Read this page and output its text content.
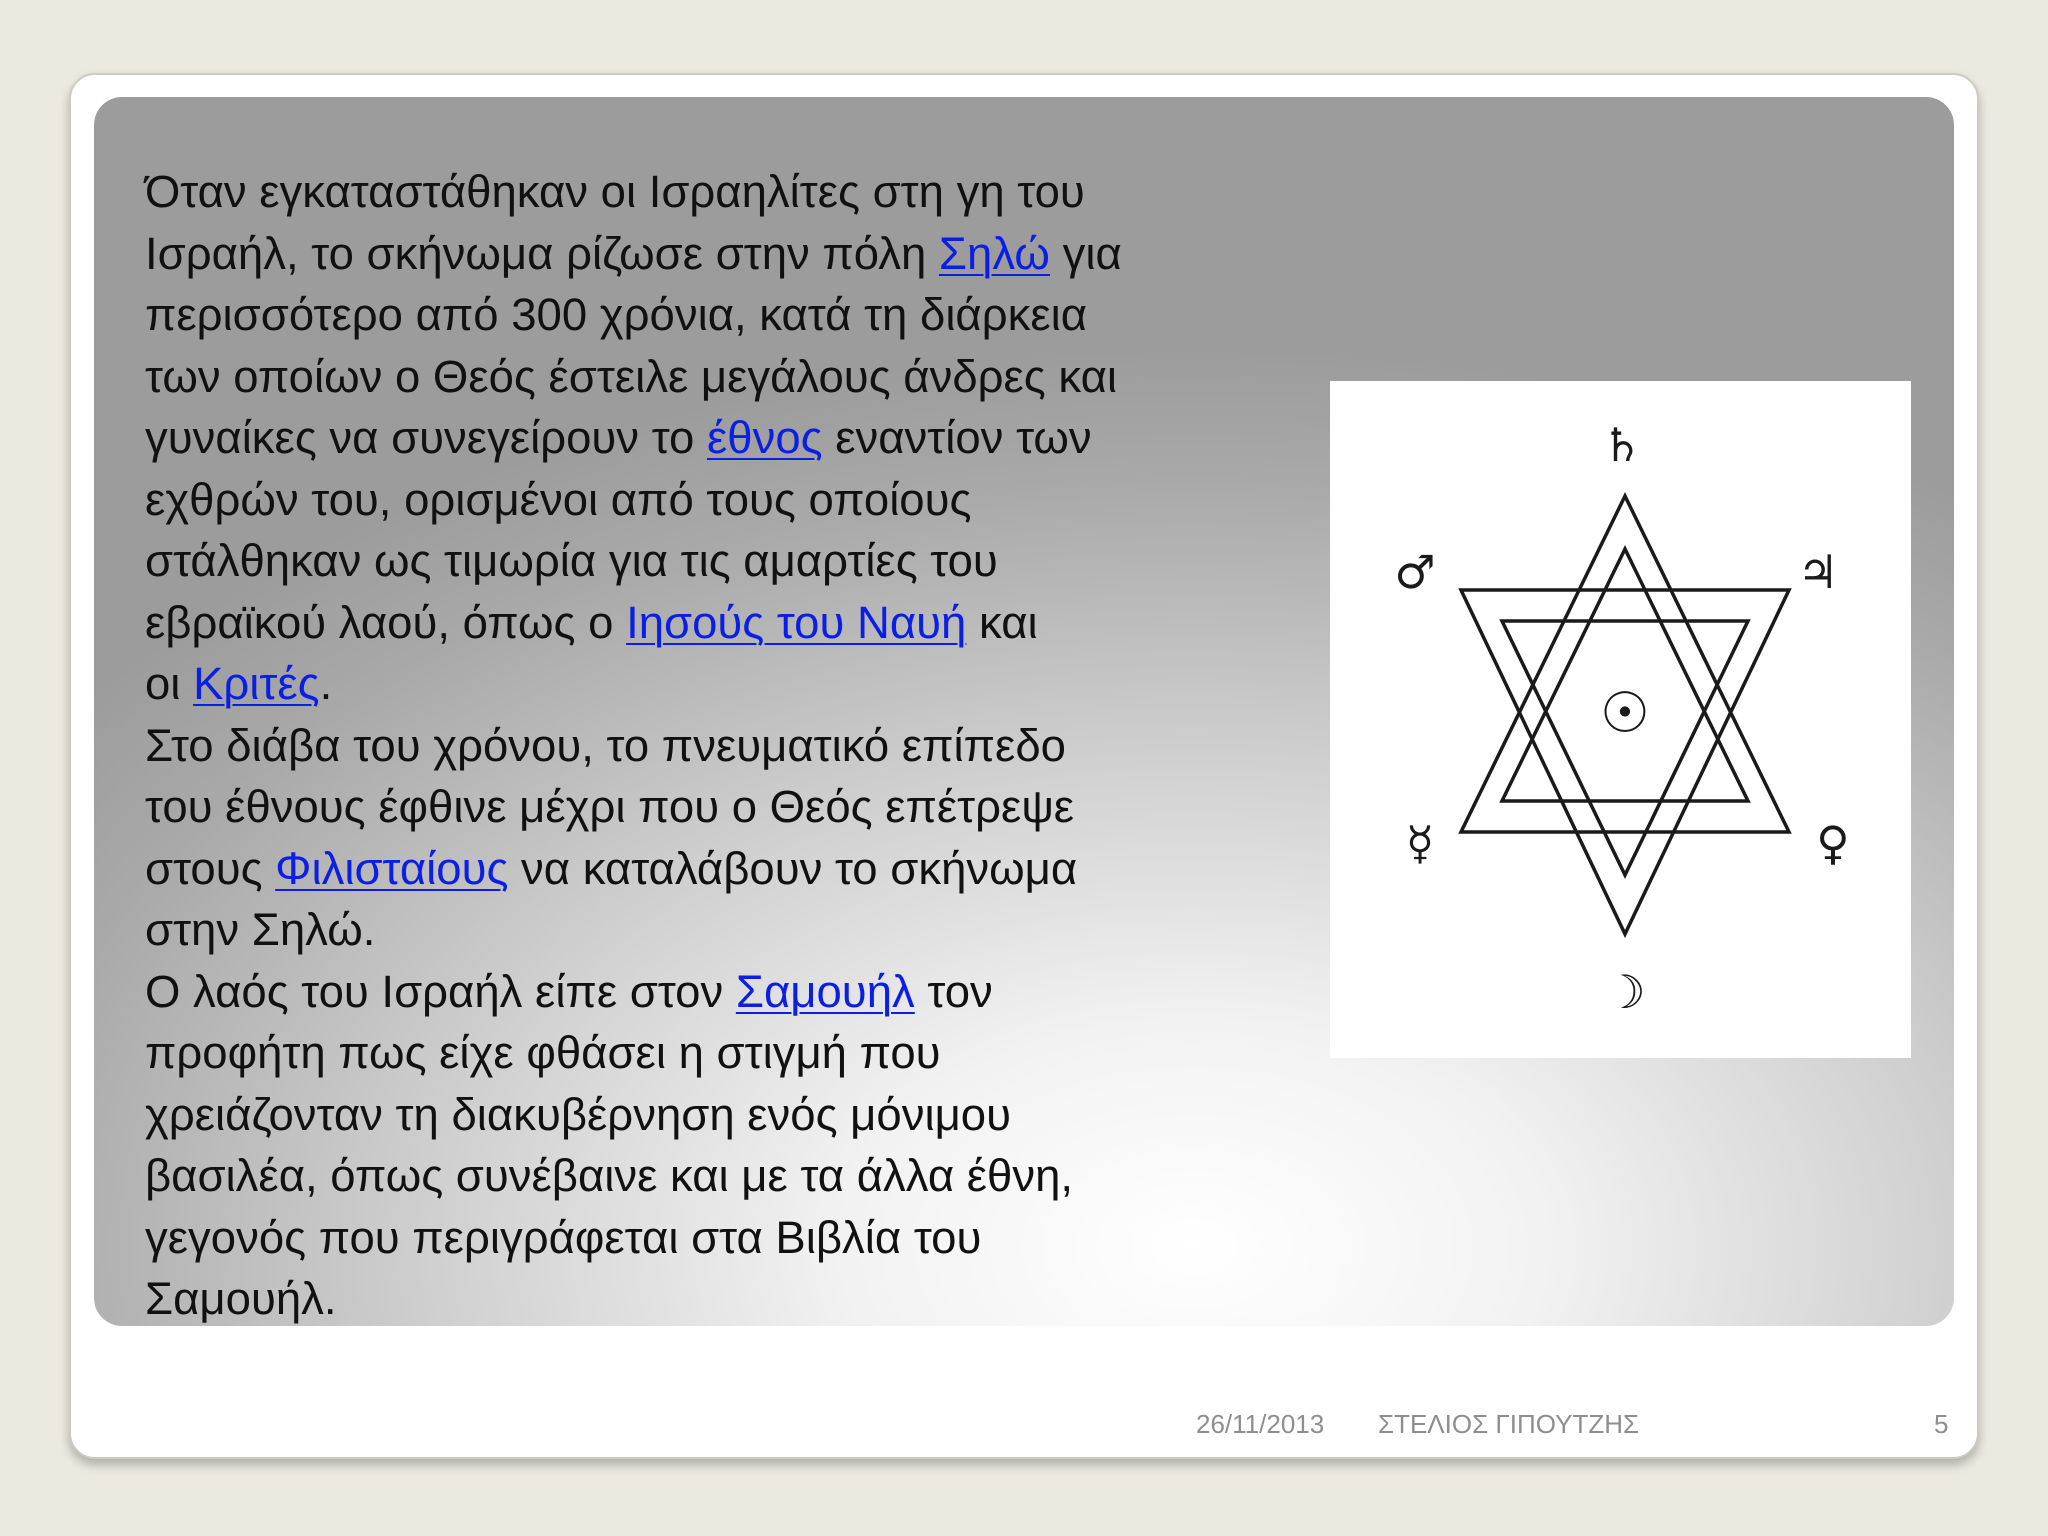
Όταν εγκαταστάθηκαν οι Ισραηλίτες στη γη του

Ισραήλ, το σκήνωμα ρίζωσε στην πόλη Σηλώ για

περισσότερο από 300 χρόνια, κατά τη διάρκεια

των οποίων ο Θεός έστειλε μεγάλους άνδρες και

γυναίκες να συνεγείρουν το έθνος εναντίον των

εχθρών του, ορισμένοι από τους οποίους

στάλθηκαν ως τιμωρία για τις αμαρτίες του

εβραϊκού λαού, όπως ο Ιησούς του Ναυή και

οι Κριτές.

Στο διάβα του χρόνου, το πνευματικό επίπεδο

του έθνους έφθινε μέχρι που ο Θεός επέτρεψε

στους Φιλισταίους να καταλάβουν το σκήνωμα

στην Σηλώ.

Ο λαός του Ισραήλ είπε στον Σαμουήλ τον

προφήτη πως είχε φθάσει η στιγμή που

χρειάζονταν τη διακυβέρνηση ενός μόνιμου

βασιλέα, όπως συνέβαινε και με τα άλλα έθνη,

γεγονός που περιγράφεται στα Βιβλία του

Σαμουήλ.

♄
♂	♃
☉
☿	♀
☽
26/11/2013 ΣΤΕΛΙΟΣ ΓΙΠΟΥΤΖΗΣ	5
